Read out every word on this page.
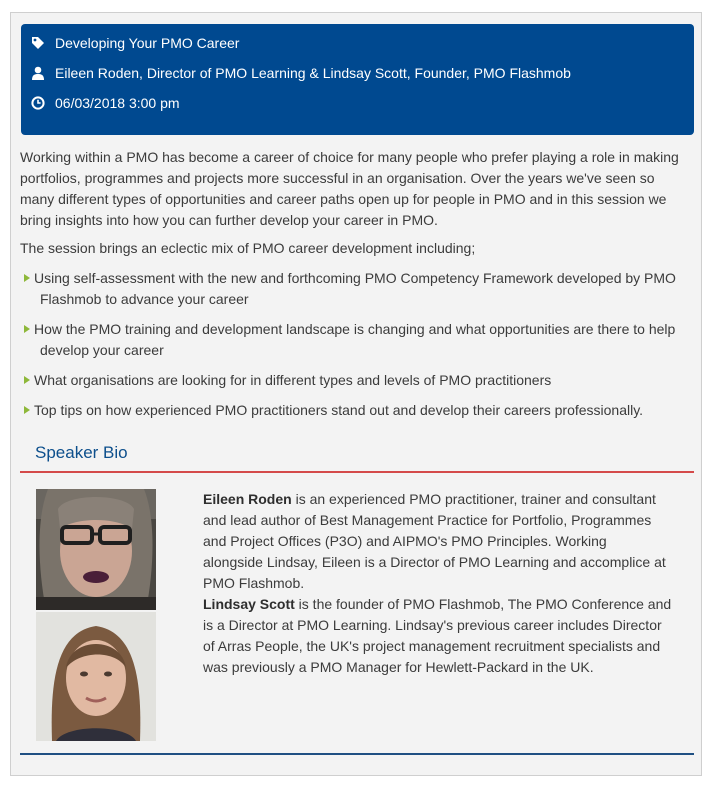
Developing Your PMO Career
Eileen Roden, Director of PMO Learning & Lindsay Scott, Founder, PMO Flashmob
06/03/2018 3:00 pm

Working within a PMO has become a career of choice for many people who prefer playing a role in making
portfolios, programmes and projects more successful in an organisation. Over the years we've seen so
many different types of opportunities and career paths open up for people in PMO and in this session we
bring insights into how you can further develop your career in PMO.

The session brings an eclectic mix of PMO career development including;

Using self-assessment with the new and forthcoming PMO Competency Framework developed by PMO
Flashmob to advance your career
How the PMO training and development landscape is changing and what opportunities are there to help
develop your career
What organisations are looking for in different types and levels of PMO practitioners
Top tips on how experienced PMO practitioners stand out and develop their careers professionally.
Speaker Bio

Eileen Roden is an experienced PMO practitioner, trainer and consultant
and lead author of Best Management Practice for Portfolio, Programmes
and Project Offices (P3O) and AIPMO's PMO Principles. Working
alongside Lindsay, Eileen is a Director of PMO Learning and accomplice at
PMO Flashmob.

Lindsay Scott is the founder of PMO Flashmob, The PMO Conference and
is a Director at PMO Learning. Lindsay's previous career includes Director
of Arras People, the UK's project management recruitment specialists and
was previously a PMO Manager for Hewlett-Packard in the UK.
